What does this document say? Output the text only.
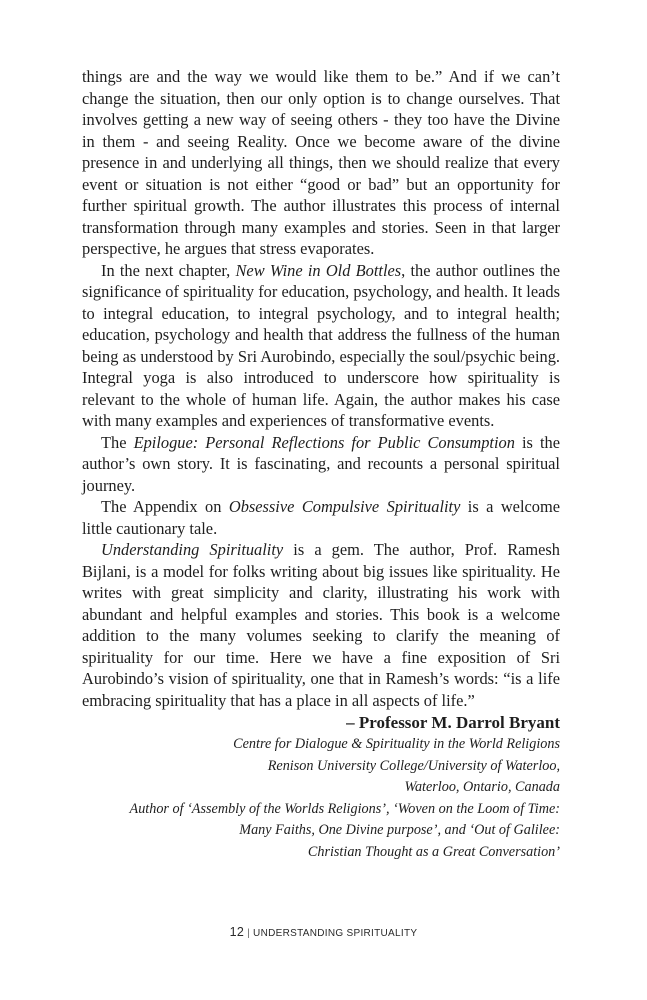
things are and the way we would like them to be.” And if we can’t change the situation, then our only option is to change ourselves. That involves getting a new way of seeing others - they too have the Divine in them - and seeing Reality. Once we become aware of the divine presence in and underlying all things, then we should realize that every event or situation is not either “good or bad” but an opportunity for further spiritual growth. The author illustrates this process of internal transformation through many examples and stories. Seen in that larger perspective, he argues that stress evaporates.

In the next chapter, New Wine in Old Bottles, the author outlines the significance of spirituality for education, psychology, and health. It leads to integral education, to integral psychology, and to integral health; education, psychology and health that address the fullness of the human being as understood by Sri Aurobindo, especially the soul/psychic being. Integral yoga is also introduced to underscore how spirituality is relevant to the whole of human life. Again, the author makes his case with many examples and experiences of transformative events.

The Epilogue: Personal Reflections for Public Consumption is the author’s own story. It is fascinating, and recounts a personal spiritual journey.

The Appendix on Obsessive Compulsive Spirituality is a welcome little cautionary tale.

Understanding Spirituality is a gem. The author, Prof. Ramesh Bijlani, is a model for folks writing about big issues like spirituality. He writes with great simplicity and clarity, illustrating his work with abundant and helpful examples and stories. This book is a welcome addition to the many volumes seeking to clarify the meaning of spirituality for our time. Here we have a fine exposition of Sri Aurobindo’s vision of spirituality, one that in Ramesh’s words: “is a life embracing spirituality that has a place in all aspects of life.”

– Professor M. Darrol Bryant
Centre for Dialogue & Spirituality in the World Religions
Renison University College/University of Waterloo,
Waterloo, Ontario, Canada
Author of ‘Assembly of the Worlds Religions’, ‘Woven on the Loom of Time:
Many Faiths, One Divine purpose’, and ‘Out of Galilee:
Christian Thought as a Great Conversation’
12 | UNDERSTANDING SPIRITUALITY
